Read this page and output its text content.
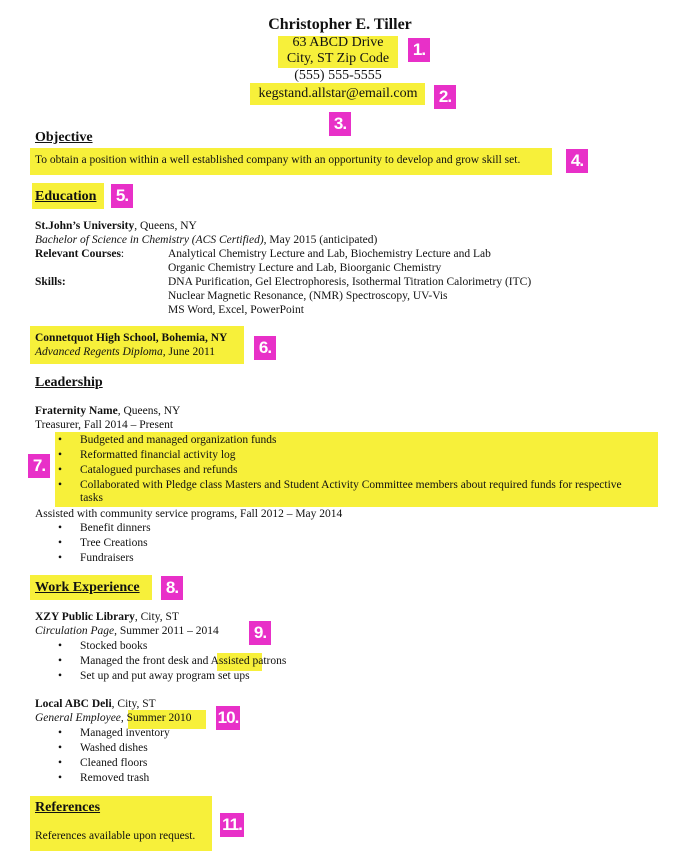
1.
2.
3.
4.
5.
6.
7.
8.
9.
10.
11.
Christopher E. Tiller
63 ABCD Drive
City, ST Zip Code
(555) 555-5555
kegstand.allstar@email.com
Objective
To obtain a position within a well established company with an opportunity to develop and grow skill set.
Education
St.John’s University, Queens, NY
Bachelor of Science in Chemistry (ACS Certified), May 2015 (anticipated)
Relevant Courses:	Analytical Chemistry Lecture and Lab, Biochemistry Lecture and Lab
Organic Chemistry Lecture and Lab, Bioorganic Chemistry
Skills:	DNA Purification, Gel Electrophoresis, Isothermal Titration Calorimetry (ITC)
Nuclear Magnetic Resonance, (NMR) Spectroscopy, UV-Vis
MS Word, Excel, PowerPoint
Connetquot High School, Bohemia, NY
Advanced Regents Diploma, June 2011
Leadership
Fraternity Name, Queens, NY
Treasurer, Fall 2014 – Present
• Budgeted and managed organization funds
• Reformatted financial activity log
• Catalogued purchases and refunds
• Collaborated with Pledge class Masters and Student Activity Committee members about required funds for respective
tasks
Assisted with community service programs, Fall 2012 – May 2014
• Benefit dinners
• Tree Creations
• Fundraisers
Work Experience
XZY Public Library, City, ST
Circulation Page, Summer 2011 – 2014
• Stocked books
• Managed the front desk and Assisted patrons
• Set up and put away program set ups
Local ABC Deli, City, ST
General Employee, Summer 2010
• Managed inventory
• Washed dishes
• Cleaned floors
• Removed trash
References
References available upon request.
